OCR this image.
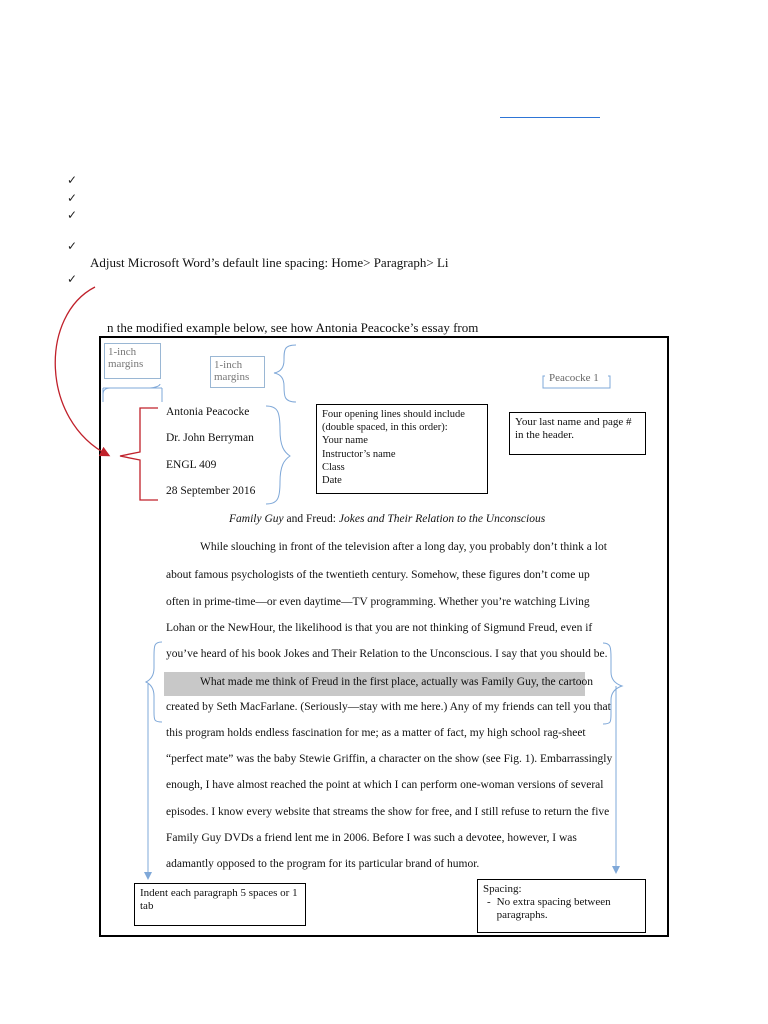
✓
✓
✓
✓
✓
Adjust Microsoft Word’s default line spacing: Home> Paragraph> Li
n the modified example below, see how Antonia Peacocke’s essay from
1-inch margins	1-inch margins	Peacocke 1
Your last name and page # in the header.
Four opening lines should include
(double spaced, in this order):
Your name
Instructor’s name
Class
Date
Antonia Peacocke
Dr. John Berryman
ENGL 409
28 September 2016
Family Guy and Freud: Jokes and Their Relation to the Unconscious
While slouching in front of the television after a long day, you probably don’t think a lot
about famous psychologists of the twentieth century. Somehow, these figures don’t come up
often in prime-time—or even daytime—TV programming. Whether you’re watching Living
Lohan or the NewHour, the likelihood is that you are not thinking of Sigmund Freud, even if
you’ve heard of his book Jokes and Their Relation to the Unconscious. I say that you should be.
What made me think of Freud in the first place, actually was Family Guy, the cartoon
created by Seth MacFarlane. (Seriously—stay with me here.) Any of my friends can tell you that
this program holds endless fascination for me; as a matter of fact, my high school rag-sheet
“perfect mate” was the baby Stewie Griffin, a character on the show (see Fig. 1). Embarrassingly
enough, I have almost reached the point at which I can perform one-woman versions of several
episodes. I know every website that streams the show for free, and I still refuse to return the five
Family Guy DVDs a friend lent me in 2006. Before I was such a devotee, however, I was
adamantly opposed to the program for its particular brand of humor.
Indent each paragraph 5 spaces or 1 tab
Spacing:
- No extra spacing between paragraphs.
